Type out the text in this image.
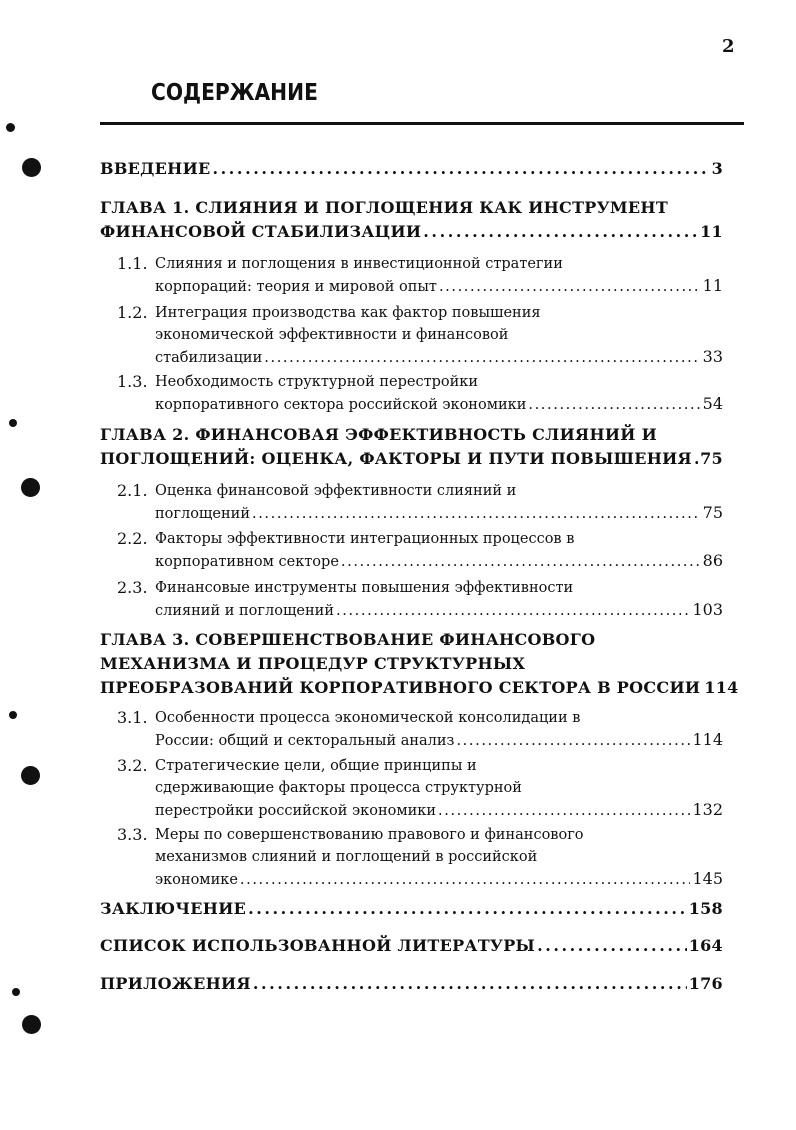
2
СОДЕРЖАНИЕ
ВВЕДЕНИЕ . . .	3
ГЛАВА 1. СЛИЯНИЯ И ПОГЛОЩЕНИЯ КАК ИНСТРУМЕНТ
ФИНАНСОВОЙ СТАБИЛИЗАЦИИ . . .	11
1.1. Слияния и поглощения в инвестиционной стратегии
корпораций: теория и мировой опыт . . .	11
1.2. Интеграция производства как фактор повышения
экономической эффективности и финансовой
стабилизации . . .	33
1.3. Необходимость структурной перестройки
корпоративного сектора российской экономики . . .	54
ГЛАВА 2. ФИНАНСОВАЯ ЭФФЕКТИВНОСТЬ СЛИЯНИЙ И
ПОГЛОЩЕНИЙ: ОЦЕНКА, ФАКТОРЫ И ПУТИ ПОВЫШЕНИЯ . . . 75
2.1. Оценка финансовой эффективности слияний и
поглощений . . .	75
2.2. Факторы эффективности интеграционных процессов в
корпоративном секторе . . .	86
2.3. Финансовые инструменты повышения эффективности
слияний и поглощений . . .	103
ГЛАВА 3. СОВЕРШЕНСТВОВАНИЕ ФИНАНСОВОГО
МЕХАНИЗМА И ПРОЦЕДУР СТРУКТУРНЫХ
ПРЕОБРАЗОВАНИЙ КОРПОРАТИВНОГО СЕКТОРА В РОССИИ 114
3.1. Особенности процесса экономической консолидации в
России: общий и секторальный анализ . . .	114
3.2. Стратегические цели, общие принципы и
сдерживающие факторы процесса структурной
перестройки российской экономики . . .	132
3.3. Меры по совершенствованию правового и финансового
механизмов слияний и поглощений в российской
экономике . . .	145
ЗАКЛЮЧЕНИЕ . . .	158
СПИСОК ИСПОЛЬЗОВАННОЙ ЛИТЕРАТУРЫ . . .	164
ПРИЛОЖЕНИЯ . . .	176
